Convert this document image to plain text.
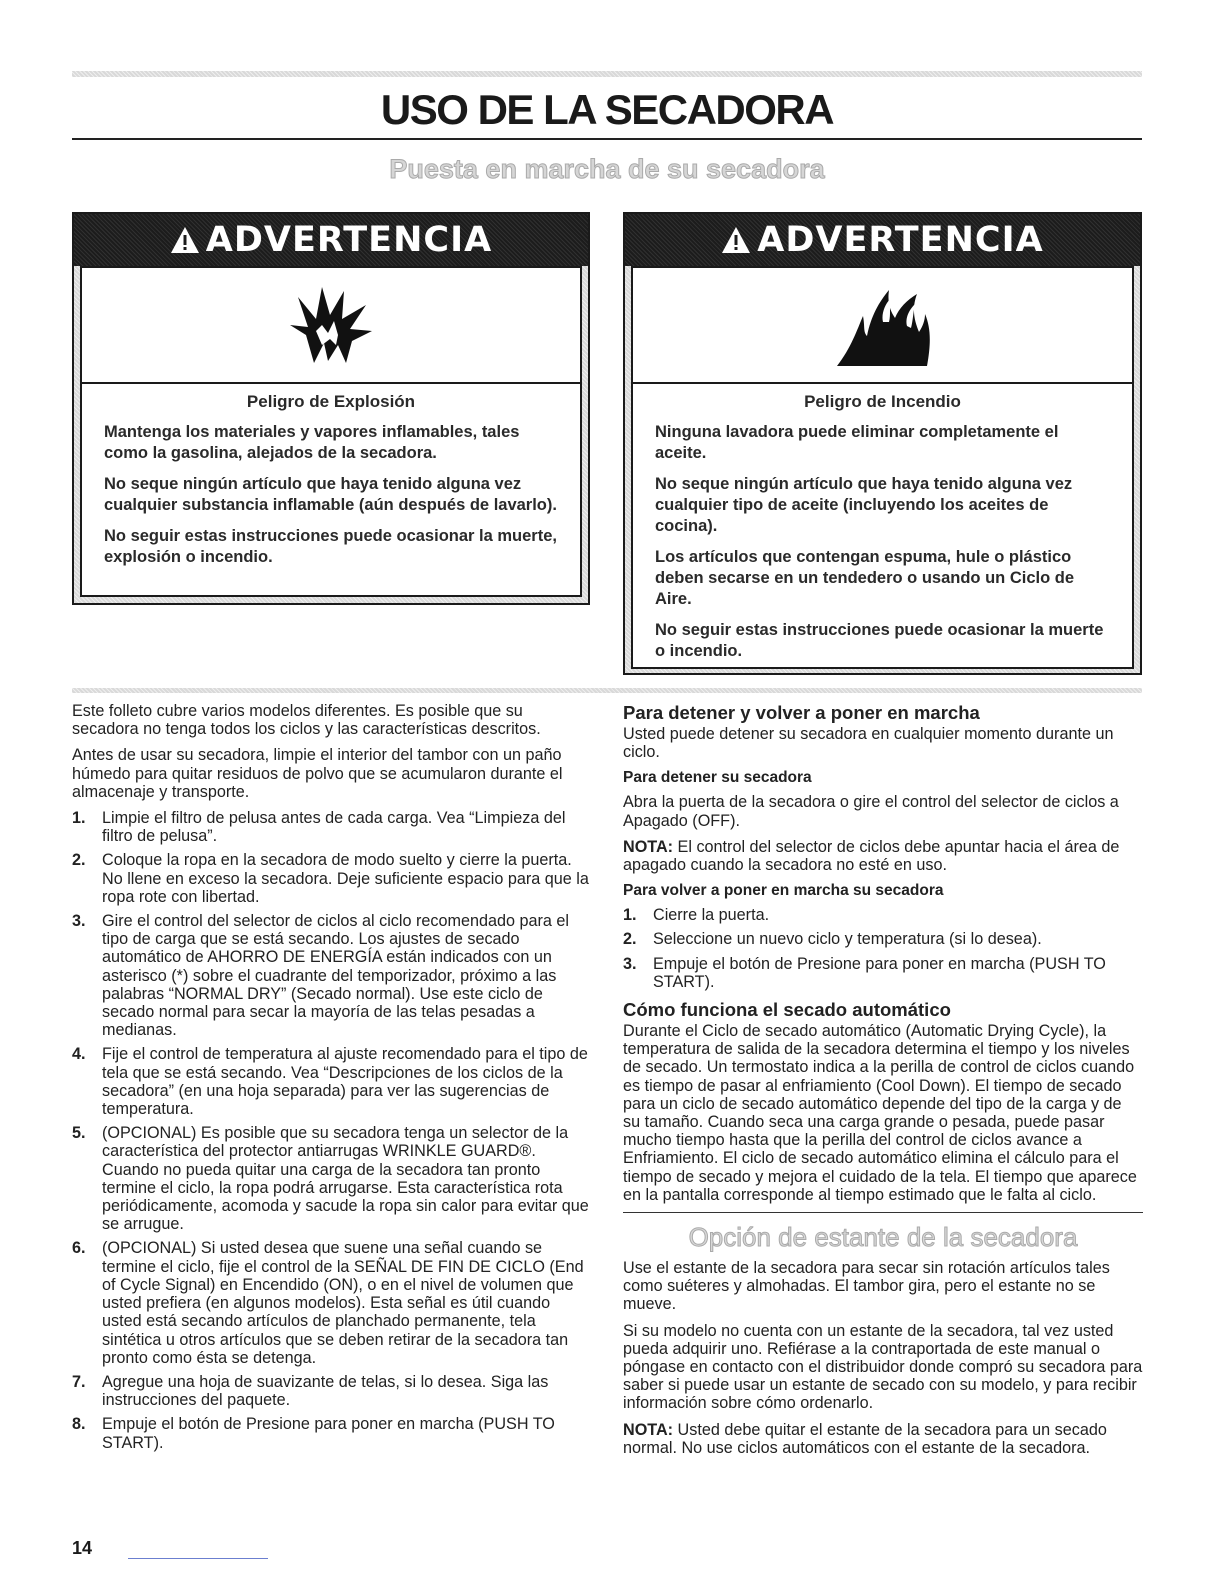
USO DE LA SECADORA
Puesta en marcha de su secadora
ADVERTENCIA

Peligro de Explosión

Mantenga los materiales y vapores inflamables, tales como la gasolina, alejados de la secadora.

No seque ningún artículo que haya tenido alguna vez cualquier substancia inflamable (aún después de lavarlo).

No seguir estas instrucciones puede ocasionar la muerte, explosión o incendio.

ADVERTENCIA

Peligro de Incendio

Ninguna lavadora puede eliminar completamente el aceite.

No seque ningún artículo que haya tenido alguna vez cualquier tipo de aceite (incluyendo los aceites de cocina).

Los artículos que contengan espuma, hule o plástico deben secarse en un tendedero o usando un Ciclo de Aire.

No seguir estas instrucciones puede ocasionar la muerte o incendio.

Este folleto cubre varios modelos diferentes. Es posible que su secadora no tenga todos los ciclos y las características descritos.

Antes de usar su secadora, limpie el interior del tambor con un paño húmedo para quitar residuos de polvo que se acumularon durante el almacenaje y transporte.

1.	Limpie el filtro de pelusa antes de cada carga. Vea “Limpieza del filtro de pelusa”.
2.	Coloque la ropa en la secadora de modo suelto y cierre la puerta. No llene en exceso la secadora. Deje suficiente espacio para que la ropa rote con libertad.
3.	Gire el control del selector de ciclos al ciclo recomendado para el tipo de carga que se está secando. Los ajustes de secado automático de AHORRO DE ENERGÍA están indicados con un asterisco (*) sobre el cuadrante del temporizador, próximo a las palabras “NORMAL DRY” (Secado normal). Use este ciclo de secado normal para secar la mayoría de las telas pesadas a medianas.
4.	Fije el control de temperatura al ajuste recomendado para el tipo de tela que se está secando. Vea “Descripciones de los ciclos de la secadora” (en una hoja separada) para ver las sugerencias de temperatura.
5.	(OPCIONAL) Es posible que su secadora tenga un selector de la característica del protector antiarrugas WRINKLE GUARD®. Cuando no pueda quitar una carga de la secadora tan pronto termine el ciclo, la ropa podrá arrugarse. Esta característica rota periódicamente, acomoda y sacude la ropa sin calor para evitar que se arrugue.
6.	(OPCIONAL) Si usted desea que suene una señal cuando se termine el ciclo, fije el control de la SEÑAL DE FIN DE CICLO (End of Cycle Signal) en Encendido (ON), o en el nivel de volumen que usted prefiera (en algunos modelos). Esta señal es útil cuando usted está secando artículos de planchado permanente, tela sintética u otros artículos que se deben retirar de la secadora tan pronto como ésta se detenga.
7.	Agregue una hoja de suavizante de telas, si lo desea. Siga las instrucciones del paquete.
8.	Empuje el botón de Presione para poner en marcha (PUSH TO START).
Para detener y volver a poner en marcha

Usted puede detener su secadora en cualquier momento durante un ciclo.

Para detener su secadora

Abra la puerta de la secadora o gire el control del selector de ciclos a Apagado (OFF).

NOTA: El control del selector de ciclos debe apuntar hacia el área de apagado cuando la secadora no esté en uso.

Para volver a poner en marcha su secadora
1.	Cierre la puerta.
2.	Seleccione un nuevo ciclo y temperatura (si lo desea).
3.	Empuje el botón de Presione para poner en marcha (PUSH TO START).
Cómo funciona el secado automático

Durante el Ciclo de secado automático (Automatic Drying Cycle), la temperatura de salida de la secadora determina el tiempo y los niveles de secado. Un termostato indica a la perilla de control de ciclos cuando es tiempo de pasar al enfriamiento (Cool Down). El tiempo de secado para un ciclo de secado automático depende del tipo de la carga y de su tamaño. Cuando seca una carga grande o pesada, puede pasar mucho tiempo hasta que la perilla del control de ciclos avance a Enfriamiento. El ciclo de secado automático elimina el cálculo para el tiempo de secado y mejora el cuidado de la tela. El tiempo que aparece en la pantalla corresponde al tiempo estimado que le falta al ciclo.

Opción de estante de la secadora

Use el estante de la secadora para secar sin rotación artículos tales como suéteres y almohadas. El tambor gira, pero el estante no se mueve.

Si su modelo no cuenta con un estante de la secadora, tal vez usted pueda adquirir uno. Refiérase a la contraportada de este manual o póngase en contacto con el distribuidor donde compró su secadora para saber si puede usar un estante de secado con su modelo, y para recibir información sobre cómo ordenarlo.

NOTA: Usted debe quitar el estante de la secadora para un secado normal. No use ciclos automáticos con el estante de la secadora.

14
